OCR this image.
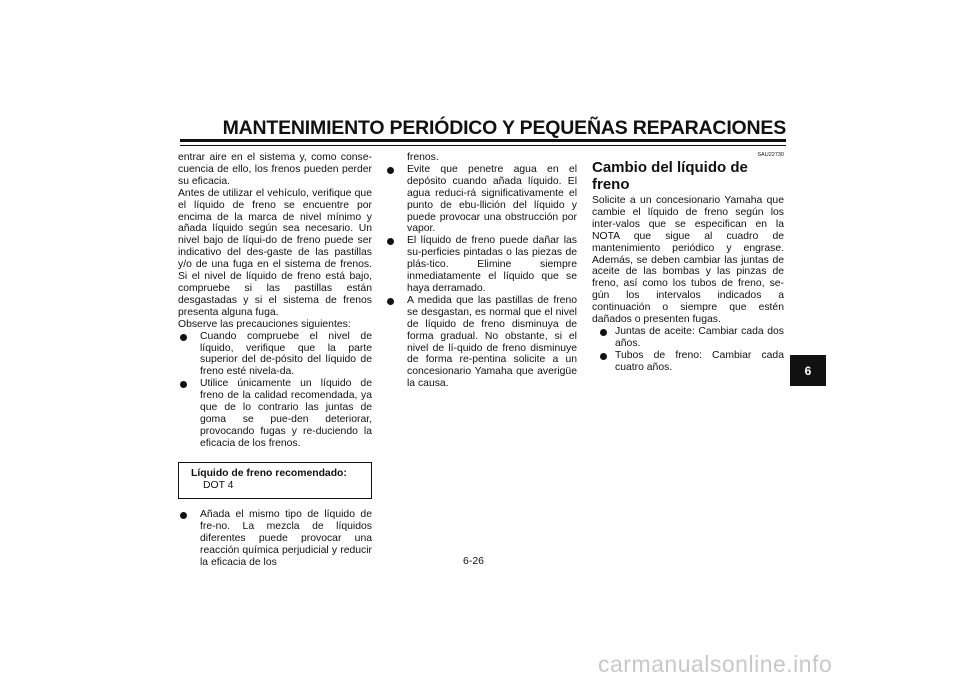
MANTENIMIENTO PERIÓDICO Y PEQUEÑAS REPARACIONES

entrar aire en el sistema y, como conse-cuencia de ello, los frenos pueden perder su eficacia.

Antes de utilizar el vehículo, verifique que el líquido de freno se encuentre por encima de la marca de nivel mínimo y añada líquido según sea necesario. Un nivel bajo de líqui-do de freno puede ser indicativo del des-gaste de las pastillas y/o de una fuga en el sistema de frenos. Si el nivel de líquido de freno está bajo, compruebe si las pastillas están desgastadas y si el sistema de frenos presenta alguna fuga.

Observe las precauciones siguientes:

Cuando compruebe el nivel de líquido, verifique que la parte superior del de-pósito del líquido de freno esté nivela-da.
Utilice únicamente un líquido de freno de la calidad recomendada, ya que de lo contrario las juntas de goma se pue-den deteriorar, provocando fugas y re-duciendo la eficacia de los frenos.
Líquido de freno recomendado:
DOT 4
Añada el mismo tipo de líquido de fre-no. La mezcla de líquidos diferentes puede provocar una reacción química perjudicial y reducir la eficacia de los

frenos.

Evite que penetre agua en el depósito cuando añada líquido. El agua reduci-rá significativamente el punto de ebu-llición del líquido y puede provocar una obstrucción por vapor.
El líquido de freno puede dañar las su-perficies pintadas o las piezas de plás-tico. Elimine siempre inmediatamente el líquido que se haya derramado.
A medida que las pastillas de freno se desgastan, es normal que el nivel de líquido de freno disminuya de forma gradual. No obstante, si el nivel de lí-quido de freno disminuye de forma re-pentina solicite a un concesionario Yamaha que averigüe la causa.
SAU22730
Cambio del líquido de freno

Solicite a un concesionario Yamaha que cambie el líquido de freno según los inter-valos que se especifican en la NOTA que sigue al cuadro de mantenimiento periódico y engrase. Además, se deben cambiar las juntas de aceite de las bombas y las pinzas de freno, así como los tubos de freno, se-gún los intervalos indicados a continuación o siempre que estén dañados o presenten fugas.

Juntas de aceite: Cambiar cada dos años.
Tubos de freno: Cambiar cada cuatro años.
6-26
6
carmanualsonline.info
